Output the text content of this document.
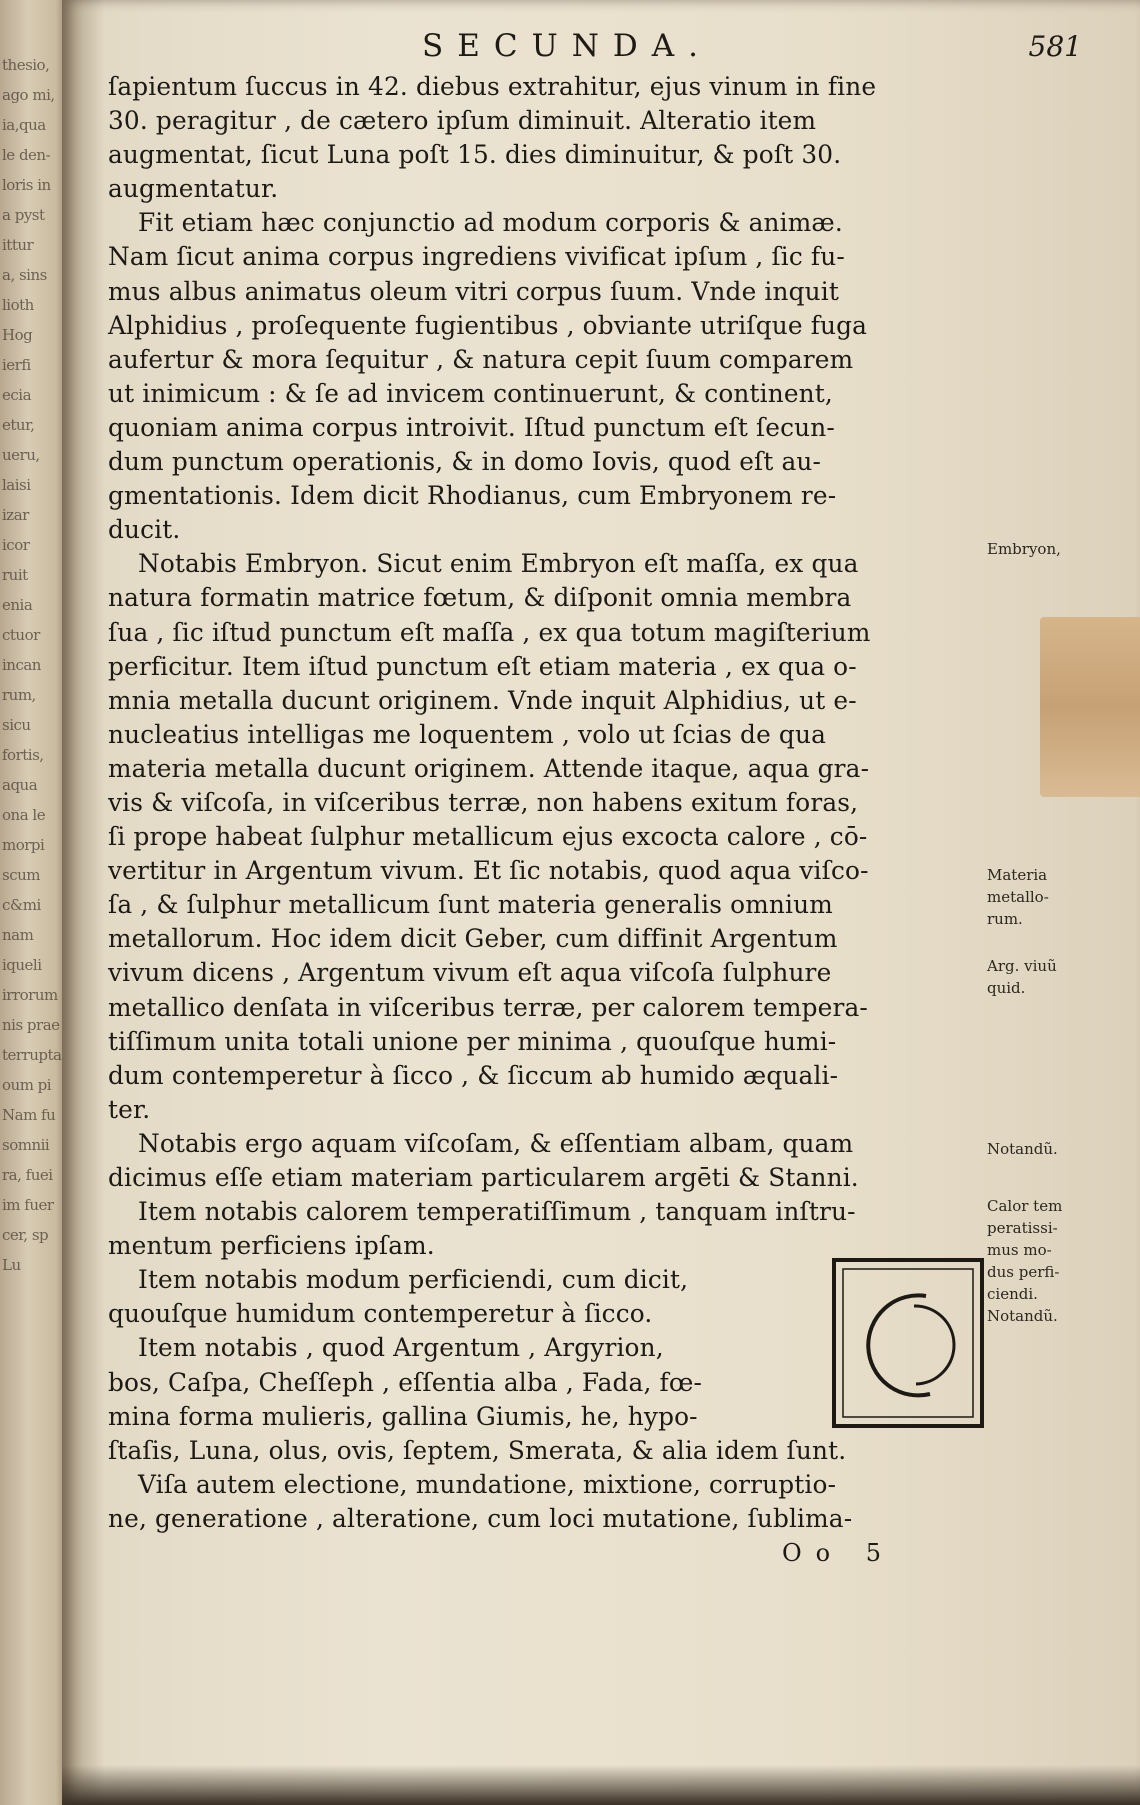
thesio,
ago mi,
ia,qua
le den-
loris in
a pyst
ittur
a, sins
lioth
Hog
ierfi
ecia
etur,
ueru,
laisi
izar
icor
ruit
enia
ctuor
incan
rum,
sicu
fortis,
aqua
ona le
morpi
scum
c&mi
nam
iqueli
irrorum
nis prae
terrupta
oum pi
Nam fu
somnii
ra, fuei
im fuer
cer, sp
Lu
SECUNDA.	581
Embryon,
Materia
metallo-
rum.
Arg. viuũ
quid.
Notandũ.
Calor tem
peratissi-
mus mo-
dus perfi-
ciendi.
Notandũ.
Oo 5
ſapientum ſuccus in 42. diebus extrahitur, ejus vinum in fine
30. peragitur , de cætero ipſum diminuit. Alteratio item
augmentat, ſicut Luna poſt 15. dies diminuitur, & poſt 30.
augmentatur.
Fit etiam hæc conjunctio ad modum corporis & animæ.
Nam ſicut anima corpus ingrediens vivificat ipſum , ſic fu-
mus albus animatus oleum vitri corpus ſuum. Vnde inquit
Alphidius , proſequente fugientibus , obviante utriſque fuga
aufertur & mora ſequitur , & natura cepit ſuum comparem
ut inimicum : & ſe ad invicem continuerunt, & continent,
quoniam anima corpus introivit. Iſtud punctum eſt ſecun-
dum punctum operationis, & in domo Iovis, quod eſt au-
gmentationis. Idem dicit Rhodianus, cum Embryonem re-
ducit.
Notabis Embryon. Sicut enim Embryon eſt maſſa, ex qua
natura formatin matrice fœtum, & diſponit omnia membra
ſua , ſic iſtud punctum eſt maſſa , ex qua totum magiſterium
perficitur. Item iſtud punctum eſt etiam materia , ex qua o-
mnia metalla ducunt originem. Vnde inquit Alphidius, ut e-
nucleatius intelligas me loquentem , volo ut ſcias de qua
materia metalla ducunt originem. Attende itaque, aqua gra-
vis & viſcoſa, in viſceribus terræ, non habens exitum foras,
ſi prope habeat ſulphur metallicum ejus excocta calore , cō-
vertitur in Argentum vivum. Et ſic notabis, quod aqua viſco-
ſa , & ſulphur metallicum ſunt materia generalis omnium
metallorum. Hoc idem dicit Geber, cum diffinit Argentum
vivum dicens , Argentum vivum eſt aqua viſcoſa ſulphure
metallico denſata in viſceribus terræ, per calorem tempera-
tiſſimum unita totali unione per minima , quouſque humi-
dum contemperetur à ſicco , & ſiccum ab humido æquali-
ter.
Notabis ergo aquam viſcoſam, & eſſentiam albam, quam
dicimus eſſe etiam materiam particularem argēti & Stanni.
Item notabis calorem temperatiſſimum , tanquam inſtru-
mentum perficiens ipſam.
Item notabis modum perficiendi, cum dicit,
quouſque humidum contemperetur à ſicco.
Item notabis , quod Argentum , Argyrion,
bos, Caſpa, Cheſſeph , eſſentia alba , Fada, fœ-
mina forma mulieris, gallina Giumis, he, hypo-
ſtaſis, Luna, olus, ovis, ſeptem, Smerata, & alia idem ſunt.
Viſa autem electione, mundatione, mixtione, corruptio-
ne, generatione , alteratione, cum loci mutatione, ſublima-
